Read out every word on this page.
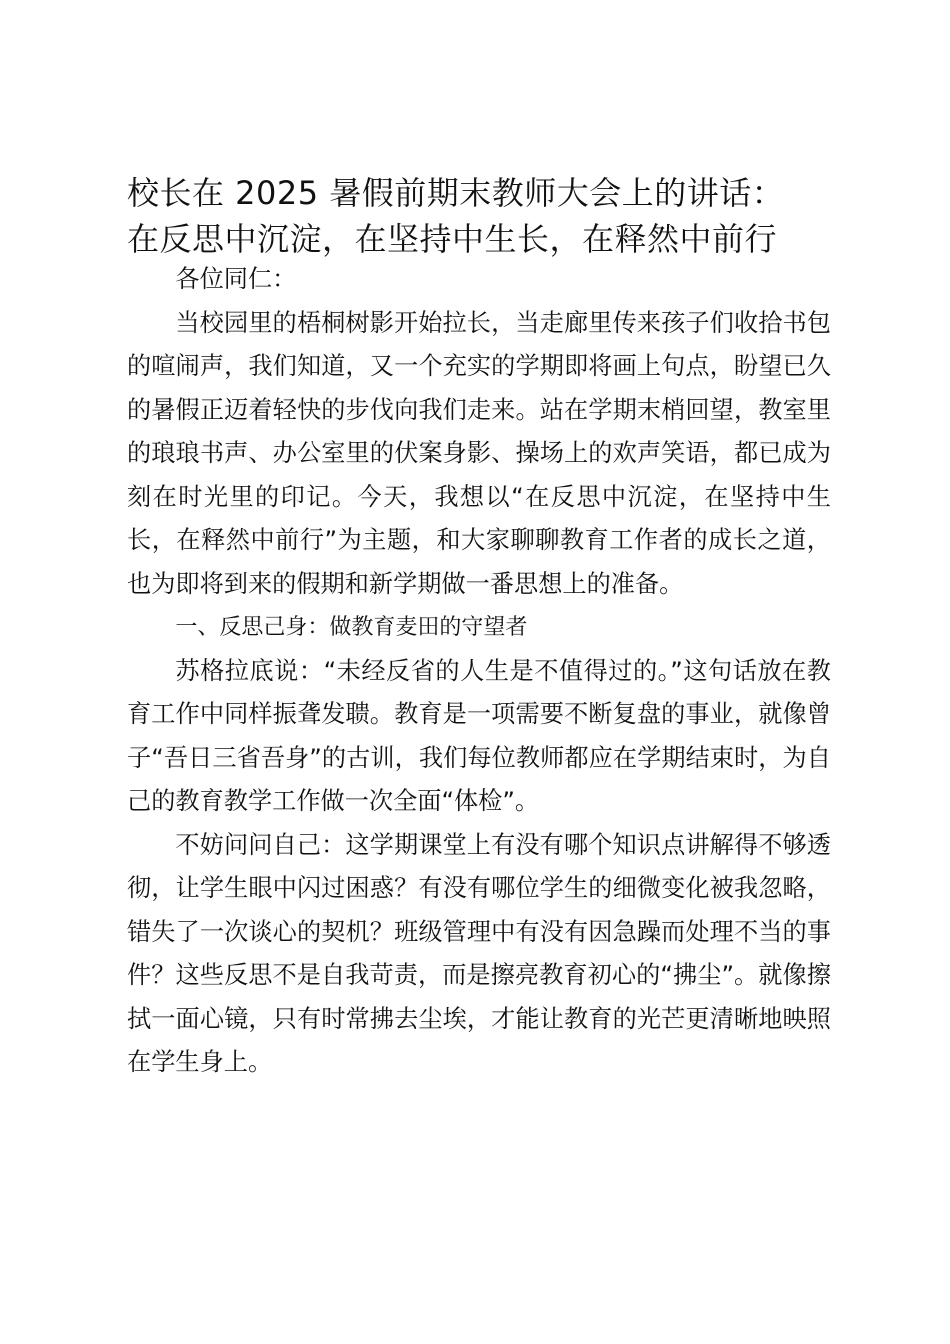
校长在 2025 暑假前期末教师大会上的讲话：
在反思中沉淀，在坚持中生长，在释然中前行

各位同仁：

当校园里的梧桐树影开始拉长，当走廊里传来孩子们收拾书包的喧闹声，我们知道，又一个充实的学期即将画上句点，盼望已久的暑假正迈着轻快的步伐向我们走来。站在学期末梢回望，教室里的琅琅书声、办公室里的伏案身影、操场上的欢声笑语，都已成为刻在时光里的印记。今天，我想以“在反思中沉淀，在坚持中生长，在释然中前行”为主题，和大家聊聊教育工作者的成长之道，也为即将到来的假期和新学期做一番思想上的准备。

一、反思己身：做教育麦田的守望者

苏格拉底说：“未经反省的人生是不值得过的。”这句话放在教育工作中同样振聋发聩。教育是一项需要不断复盘的事业，就像曾子“吾日三省吾身”的古训，我们每位教师都应在学期结束时，为自己的教育教学工作做一次全面“体检”。

不妨问问自己：这学期课堂上有没有哪个知识点讲解得不够透彻，让学生眼中闪过困惑？有没有哪位学生的细微变化被我忽略，错失了一次谈心的契机？班级管理中有没有因急躁而处理不当的事件？这些反思不是自我苛责，而是擦亮教育初心的“拂尘”。就像擦拭一面心镜，只有时常拂去尘埃，才能让教育的光芒更清晰地映照在学生身上。
